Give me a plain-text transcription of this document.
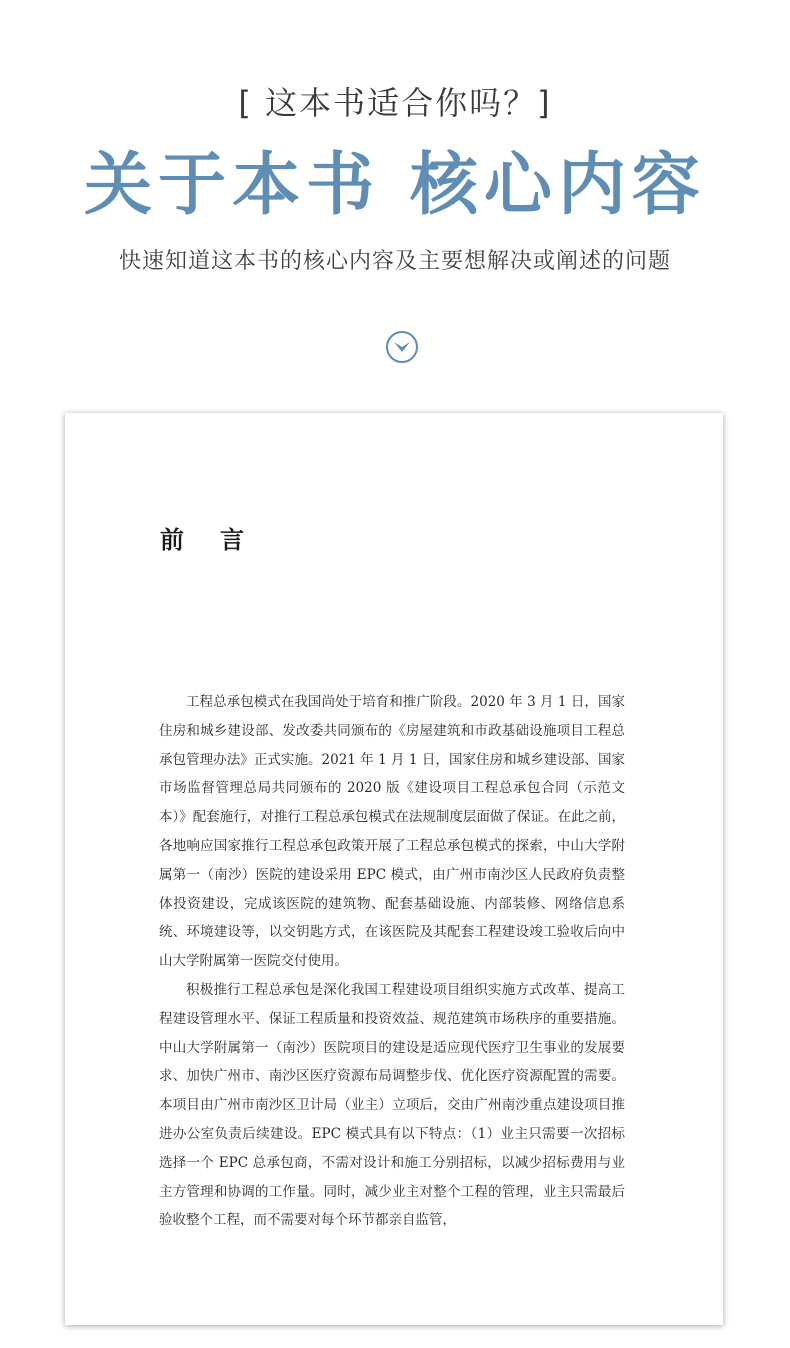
[ 这本书适合你吗？]
关于本书 核心内容
快速知道这本书的核心内容及主要想解决或阐述的问题
前言

工程总承包模式在我国尚处于培育和推广阶段。2020 年 3 月 1 日，国家住房和城乡建设部、发改委共同颁布的《房屋建筑和市政基础设施项目工程总承包管理办法》正式实施。2021 年 1 月 1 日，国家住房和城乡建设部、国家市场监督管理总局共同颁布的 2020 版《建设项目工程总承包合同（示范文本）》配套施行，对推行工程总承包模式在法规制度层面做了保证。在此之前，各地响应国家推行工程总承包政策开展了工程总承包模式的探索，中山大学附属第一（南沙）医院的建设采用 EPC 模式，由广州市南沙区人民政府负责整体投资建设，完成该医院的建筑物、配套基础设施、内部装修、网络信息系统、环境建设等，以交钥匙方式，在该医院及其配套工程建设竣工验收后向中山大学附属第一医院交付使用。

积极推行工程总承包是深化我国工程建设项目组织实施方式改革、提高工程建设管理水平、保证工程质量和投资效益、规范建筑市场秩序的重要措施。中山大学附属第一（南沙）医院项目的建设是适应现代医疗卫生事业的发展要求、加快广州市、南沙区医疗资源布局调整步伐、优化医疗资源配置的需要。本项目由广州市南沙区卫计局（业主）立项后，交由广州南沙重点建设项目推进办公室负责后续建设。EPC 模式具有以下特点：（1）业主只需要一次招标选择一个 EPC 总承包商，不需对设计和施工分别招标，以减少招标费用与业主方管理和协调的工作量。同时，减少业主对整个工程的管理，业主只需最后验收整个工程，而不需要对每个环节都亲自监管，
